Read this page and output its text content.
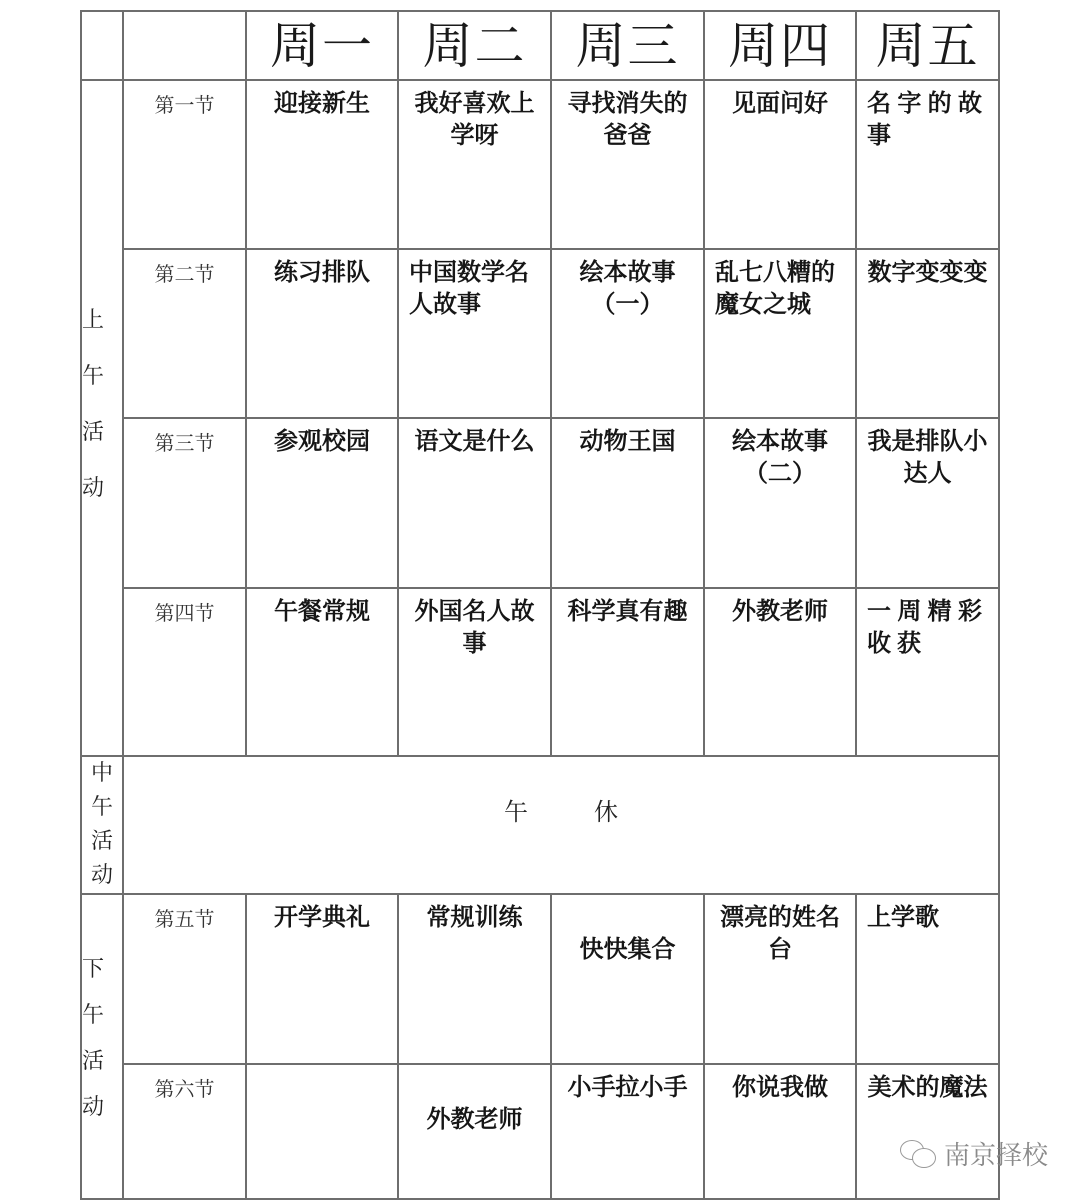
		周一	周二	周三	周四	周五

上
午
活
动	第一节	迎接新生	我好喜欢上学呀	寻找消失的爸爸	见面问好	名字的故事
	第二节	练习排队	中国数学名人故事	绘本故事（一）	乱七八糟的魔女之城	数字变变变
	第三节	参观校园	语文是什么	动物王国	绘本故事（二）	我是排队小达人
	第四节	午餐常规	外国名人故事	科学真有趣	外教老师	一周精彩收获

中
午
活
动	午 休					

下
午
活
动	第五节	开学典礼	常规训练	快快集合	漂亮的姓名台	上学歌
	第六节		外教老师	小手拉小手	你说我做	美术的魔法
南京择校
